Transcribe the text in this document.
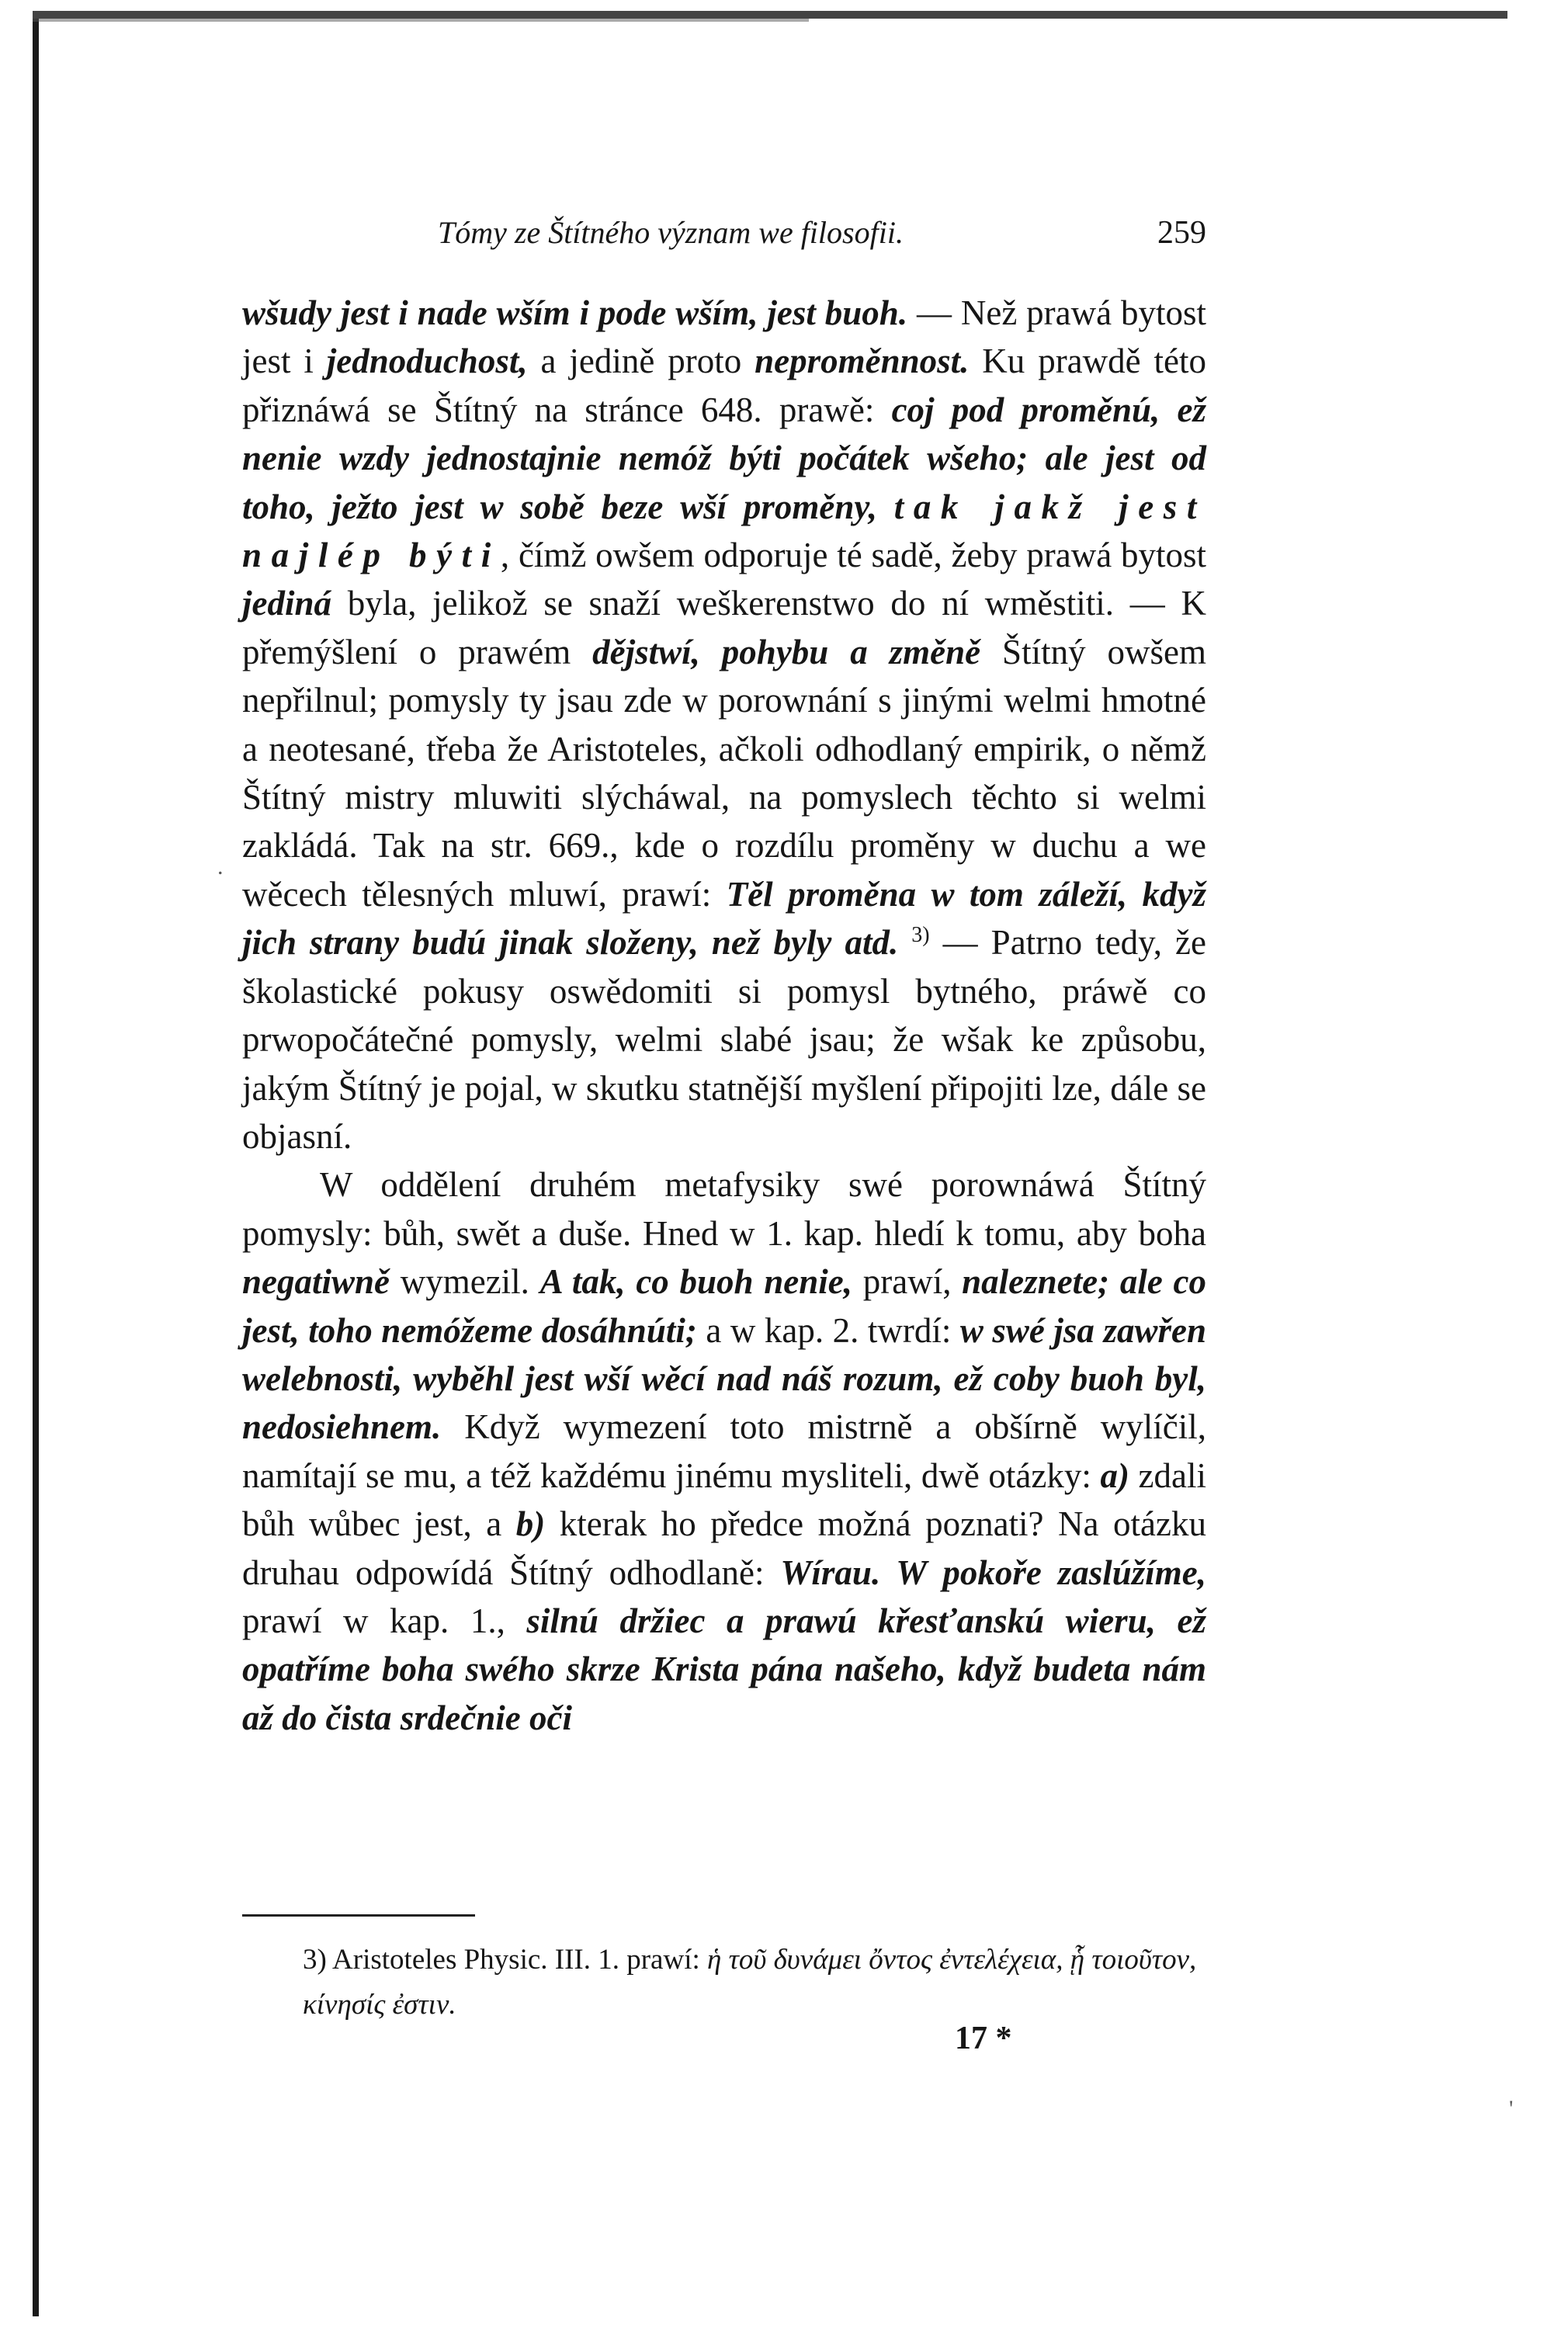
.
'
Tómy ze Štítného význam we filosofii.	259

wšudy jest i nade wším i pode wším, jest buoh. — Než prawá bytost jest i jednoduchost, a jedině proto neproměnnost. Ku prawdě této přiznáwá se Štítný na stránce 648. prawě: coj pod proměnú, ež nenie wzdy jednostajnie nemóž býti počátek wšeho; ale jest od toho, ježto jest w sobě beze wší proměny, tak jakž jest najlép býti, čímž owšem odporuje té sadě, žeby prawá bytost jediná byla, jelikož se snaží weškerenstwo do ní wměstiti. — K přemýšlení o prawém dějstwí, pohybu a změně Štítný owšem nepřilnul; pomysly ty jsau zde w porownání s jinými welmi hmotné a neotesané, třeba že Aristoteles, ačkoli odhodlaný empirik, o němž Štítný mistry mluwiti slýcháwal, na pomyslech těchto si welmi zakládá. Tak na str. 669., kde o rozdílu proměny w duchu a we wěcech tělesných mluwí, prawí: Těl proměna w tom záleží, když jich strany budú jinak složeny, než byly atd. $^{3)}$ — Patrno tedy, že školastické pokusy oswědomiti si pomysl bytného, práwě co prwopočátečné pomysly, welmi slabé jsau; že wšak ke způsobu, jakým Štítný je pojal, w skutku statnější myšlení připojiti lze, dále se objasní.

W oddělení druhém metafysiky swé porownáwá Štítný pomysly: bůh, swět a duše. Hned w 1. kap. hledí k tomu, aby boha negatiwně wymezil. A tak, co buoh nenie, prawí, naleznete; ale co jest, toho nemóžeme dosáhnúti; a w kap. 2. twrdí: w swé jsa zawřen welebnosti, wyběhl jest wší wěcí nad náš rozum, ež coby buoh byl, nedosiehnem. Když wymezení toto mistrně a obšírně wylíčil, namítají se mu, a též každému jinému mysliteli, dwě otázky: a) zdali bůh wůbec jest, a b) kterak ho předce možná poznati? Na otázku druhau odpowídá Štítný odhodlaně: Wírau. W pokoře zaslúžíme, prawí w kap. 1., silnú držiec a prawú křesťanskú wieru, ež opatříme boha swého skrze Krista pána našeho, když budeta nám až do čista srdečnie oči

3) Aristoteles Physic. III. 1. prawí: ἡ τοῦ δυνάμει ὄντος ἐντελέχεια, ᾗ τοιοῦτον, κίνησίς ἐστιν.
17 *
